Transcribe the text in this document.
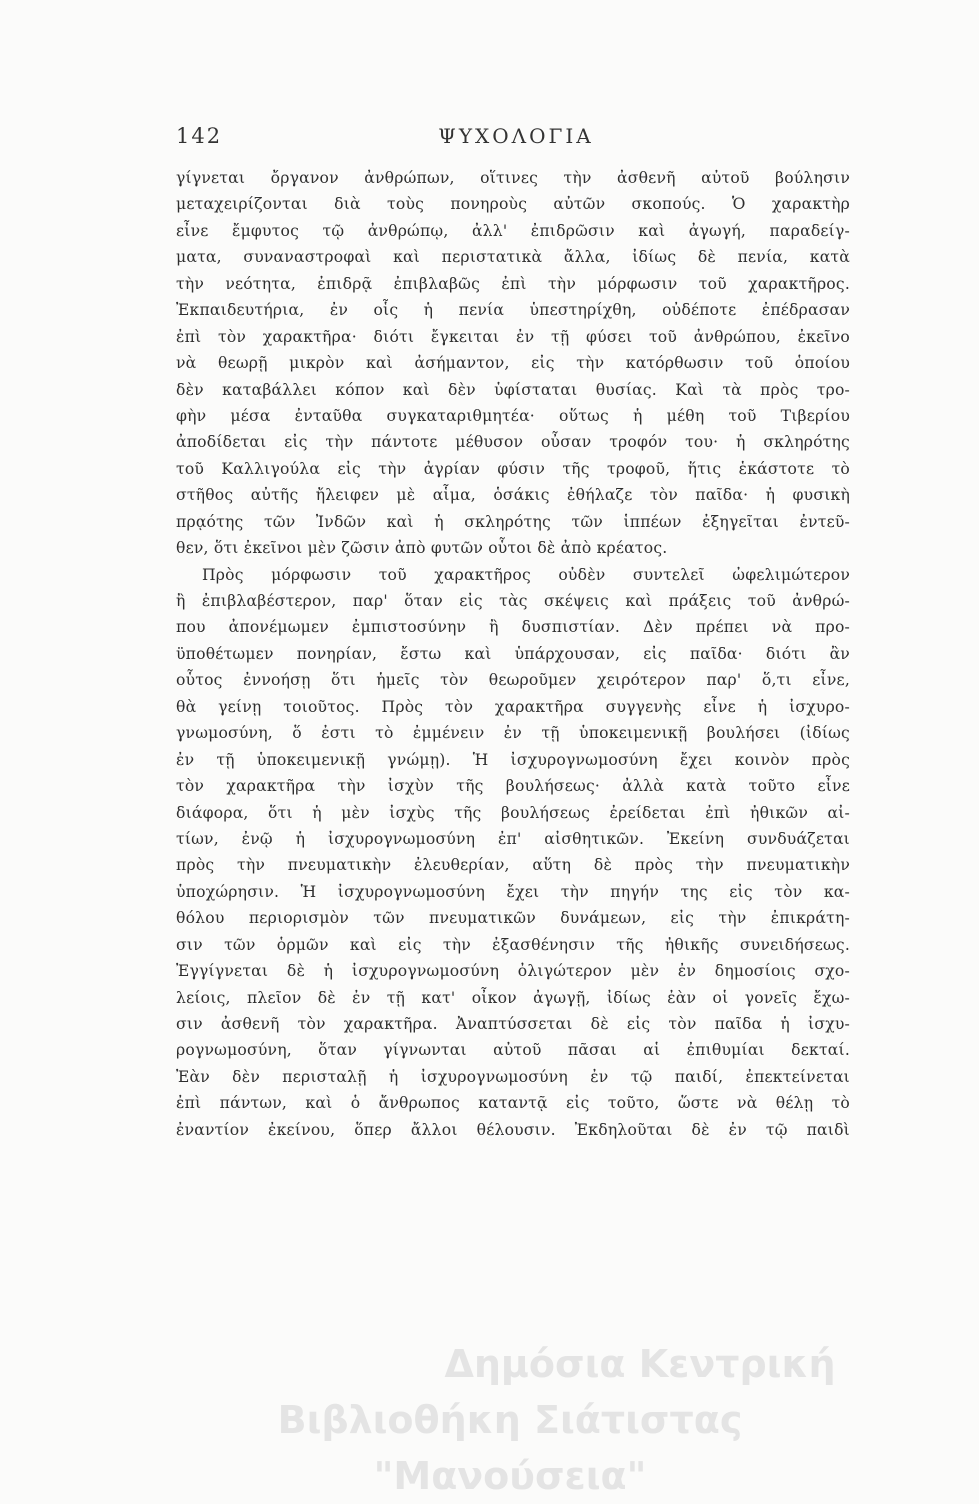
142	ΨΥΧΟΛΟΓΙΑ
γίγνεται ὄργανον ἀνθρώπων, οἵτινες τὴν ἀσθενῆ αὐτοῦ βούλησιν
μεταχειρίζονται διὰ τοὺς πονηροὺς αὐτῶν σκοπούς. Ὁ χαρακτὴρ
εἶνε ἔμφυτος τῷ ἀνθρώπῳ, ἀλλ' ἐπιδρῶσιν καὶ ἀγωγή, παραδείγ-
ματα, συναναστροφαὶ καὶ περιστατικὰ ἄλλα, ἰδίως δὲ πενία, κατὰ
τὴν νεότητα, ἐπιδρᾷ ἐπιβλαβῶς ἐπὶ τὴν μόρφωσιν τοῦ χαρακτῆρος.
Ἐκπαιδευτήρια, ἐν οἷς ἡ πενία ὑπεστηρίχθη, οὐδέποτε ἐπέδρασαν
ἐπὶ τὸν χαρακτῆρα· διότι ἔγκειται ἐν τῇ φύσει τοῦ ἀνθρώπου, ἐκεῖνο
νὰ θεωρῇ μικρὸν καὶ ἀσήμαντον, εἰς τὴν κατόρθωσιν τοῦ ὁποίου
δὲν καταβάλλει κόπον καὶ δὲν ὑφίσταται θυσίας. Καὶ τὰ πρὸς τρο-
φὴν μέσα ἐνταῦθα συγκαταριθμητέα· οὕτως ἡ μέθη τοῦ Τιβερίου
ἀποδίδεται εἰς τὴν πάντοτε μέθυσον οὖσαν τροφόν του· ἡ σκληρότης
τοῦ Καλλιγούλα εἰς τὴν ἀγρίαν φύσιν τῆς τροφοῦ, ἥτις ἑκάστοτε τὸ
στῆθος αὐτῆς ἤλειφεν μὲ αἷμα, ὁσάκις ἐθήλαζε τὸν παῖδα· ἡ φυσικὴ
πρᾳότης τῶν Ἰνδῶν καὶ ἡ σκληρότης τῶν ἱππέων ἐξηγεῖται ἐντεῦ-
θεν, ὅτι ἐκεῖνοι μὲν ζῶσιν ἀπὸ φυτῶν οὗτοι δὲ ἀπὸ κρέατος.
Πρὸς μόρφωσιν τοῦ χαρακτῆρος οὐδὲν συντελεῖ ὠφελιμώτερον
ἢ ἐπιβλαβέστερον, παρ' ὅταν εἰς τὰς σκέψεις καὶ πράξεις τοῦ ἀνθρώ-
που ἀπονέμωμεν ἐμπιστοσύνην ἢ δυσπιστίαν. Δὲν πρέπει νὰ προ-
ϋποθέτωμεν πονηρίαν, ἔστω καὶ ὑπάρχουσαν, εἰς παῖδα· διότι ἂν
οὗτος ἐννοήσῃ ὅτι ἡμεῖς τὸν θεωροῦμεν χειρότερον παρ' ὅ,τι εἶνε,
θὰ γείνῃ τοιοῦτος. Πρὸς τὸν χαρακτῆρα συγγενὴς εἶνε ἡ ἰσχυρο-
γνωμοσύνη, ὅ ἐστι τὸ ἐμμένειν ἐν τῇ ὑποκειμενικῇ βουλήσει (ἰδίως
ἐν τῇ ὑποκειμενικῇ γνώμῃ). Ἡ ἰσχυρογνωμοσύνη ἔχει κοινὸν πρὸς
τὸν χαρακτῆρα τὴν ἰσχὺν τῆς βουλήσεως· ἀλλὰ κατὰ τοῦτο εἶνε
διάφορα, ὅτι ἡ μὲν ἰσχὺς τῆς βουλήσεως ἐρείδεται ἐπὶ ἠθικῶν αἰ-
τίων, ἐνῷ ἡ ἰσχυρογνωμοσύνη ἐπ' αἰσθητικῶν. Ἐκείνη συνδυάζεται
πρὸς τὴν πνευματικὴν ἐλευθερίαν, αὕτη δὲ πρὸς τὴν πνευματικὴν
ὑποχώρησιν. Ἡ ἰσχυρογνωμοσύνη ἔχει τὴν πηγήν της εἰς τὸν κα-
θόλου περιορισμὸν τῶν πνευματικῶν δυνάμεων, εἰς τὴν ἐπικράτη-
σιν τῶν ὁρμῶν καὶ εἰς τὴν ἐξασθένησιν τῆς ἠθικῆς συνειδήσεως.
Ἐγγίγνεται δὲ ἡ ἰσχυρογνωμοσύνη ὀλιγώτερον μὲν ἐν δημοσίοις σχο-
λείοις, πλεῖον δὲ ἐν τῇ κατ' οἶκον ἀγωγῇ, ἰδίως ἐὰν οἱ γονεῖς ἔχω-
σιν ἀσθενῆ τὸν χαρακτῆρα. Ἀναπτύσσεται δὲ εἰς τὸν παῖδα ἡ ἰσχυ-
ρογνωμοσύνη, ὅταν γίγνωνται αὐτοῦ πᾶσαι αἱ ἐπιθυμίαι δεκταί.
Ἐὰν δὲν περισταλῇ ἡ ἰσχυρογνωμοσύνη ἐν τῷ παιδί, ἐπεκτείνεται
ἐπὶ πάντων, καὶ ὁ ἄνθρωπος καταντᾷ εἰς τοῦτο, ὥστε νὰ θέλῃ τὸ
ἐναντίον ἐκείνου, ὅπερ ἄλλοι θέλουσιν. Ἐκδηλοῦται δὲ ἐν τῷ παιδὶ
Δημόσια Κεντρική
Βιβλιοθήκη Σιάτιστας "Μανούσεια"
